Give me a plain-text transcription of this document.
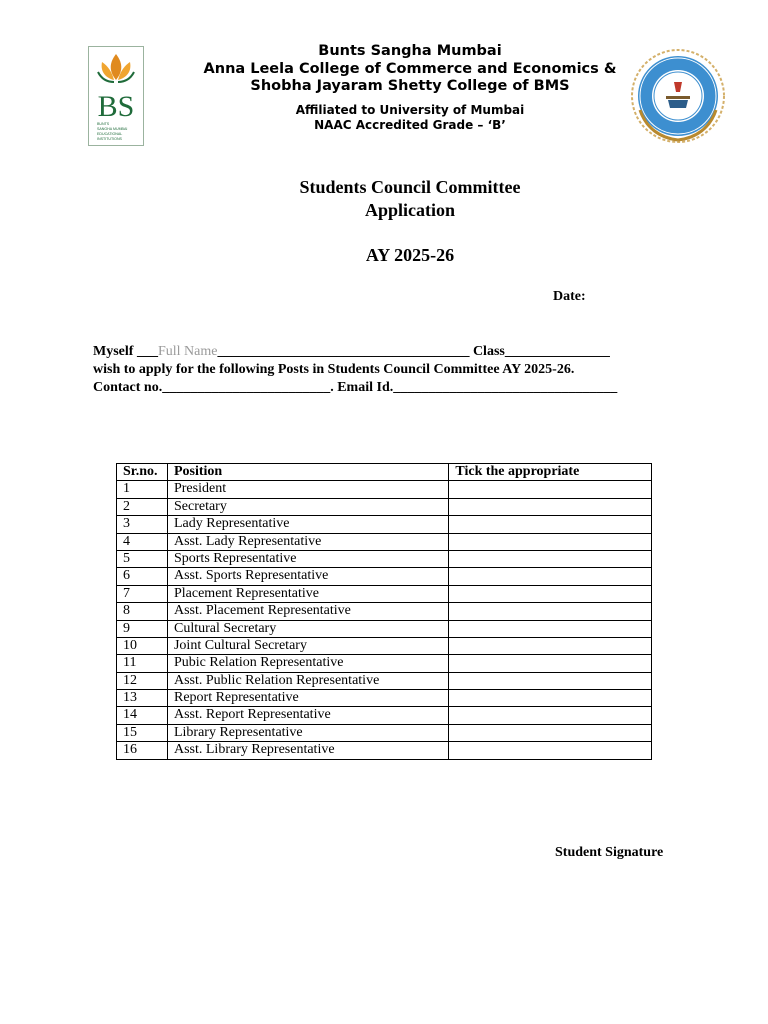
BS
BUNTS
SANGHA MUMBAI
EDUCATIONAL
INSTITUTIONS
Bunts Sangha Mumbai
Anna Leela College of Commerce and Economics &
Shobha Jayaram Shetty College of BMS
Affiliated to University of Mumbai
NAAC Accredited Grade – ‘B’
Students Council Committee
Application
AY 2025-26
Date:
Myself ___Full Name____________________________________ Class_______________
wish to apply for the following Posts in Students Council Committee AY 2025-26.
Contact no.________________________. Email Id.________________________________
Sr.no.	Position	Tick the appropriate
1	President	
2	Secretary	
3	Lady Representative	
4	Asst. Lady Representative	
5	Sports Representative	
6	Asst. Sports Representative	
7	Placement Representative	
8	Asst. Placement Representative	
9	Cultural Secretary	
10	Joint Cultural Secretary	
11	Pubic Relation Representative	
12	Asst. Public Relation Representative	
13	Report Representative	
14	Asst. Report Representative	
15	Library Representative	
16	Asst. Library Representative	
Student Signature
